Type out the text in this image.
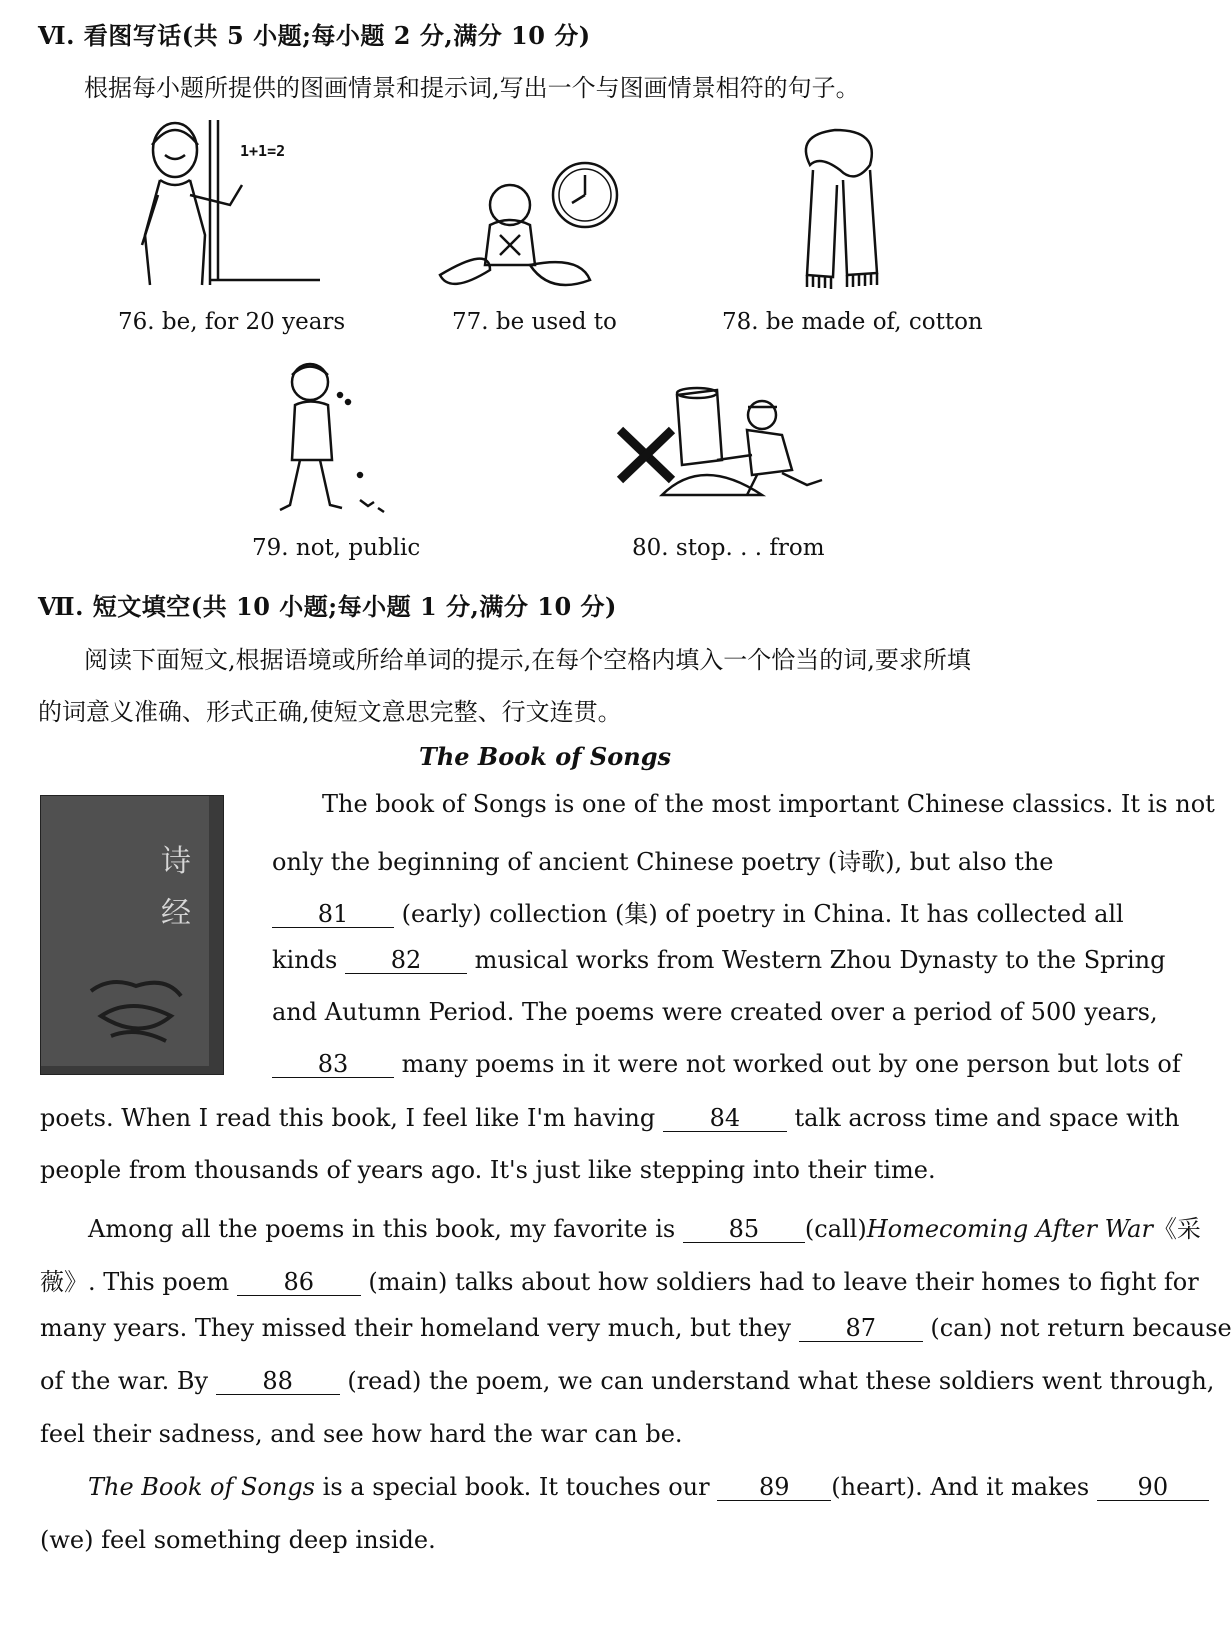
Ⅵ. 看图写话(共 5 小题;每小题 2 分,满分 10 分)
根据每小题所提供的图画情景和提示词,写出一个与图画情景相符的句子。
1+1=2
76. be, for 20 years	77. be used to	78. be made of, cotton
79. not, public	80. stop. . . from
Ⅶ. 短文填空(共 10 小题;每小题 1 分,满分 10 分)
阅读下面短文,根据语境或所给单词的提示,在每个空格内填入一个恰当的词,要求所填
的词意义准确、形式正确,使短文意思完整、行文连贯。
The Book of Songs
诗经
The book of Songs is one of the most important Chinese classics. It is not
only the beginning of ancient Chinese poetry (诗歌), but also the
81 (early) collection (集) of poetry in China. It has collected all
kinds 82 musical works from Western Zhou Dynasty to the Spring
and Autumn Period. The poems were created over a period of 500 years,
83 many poems in it were not worked out by one person but lots of
poets. When I read this book, I feel like I'm having 84 talk across time and space with
people from thousands of years ago. It's just like stepping into their time.
Among all the poems in this book, my favorite is 85 (call)Homecoming After War《采
薇》. This poem 86 (main) talks about how soldiers had to leave their homes to fight for
many years. They missed their homeland very much, but they 87 (can) not return because
of the war. By 88 (read) the poem, we can understand what these soldiers went through,
feel their sadness, and see how hard the war can be.
The Book of Songs is a special book. It touches our 89 (heart). And it makes 90
(we) feel something deep inside.
